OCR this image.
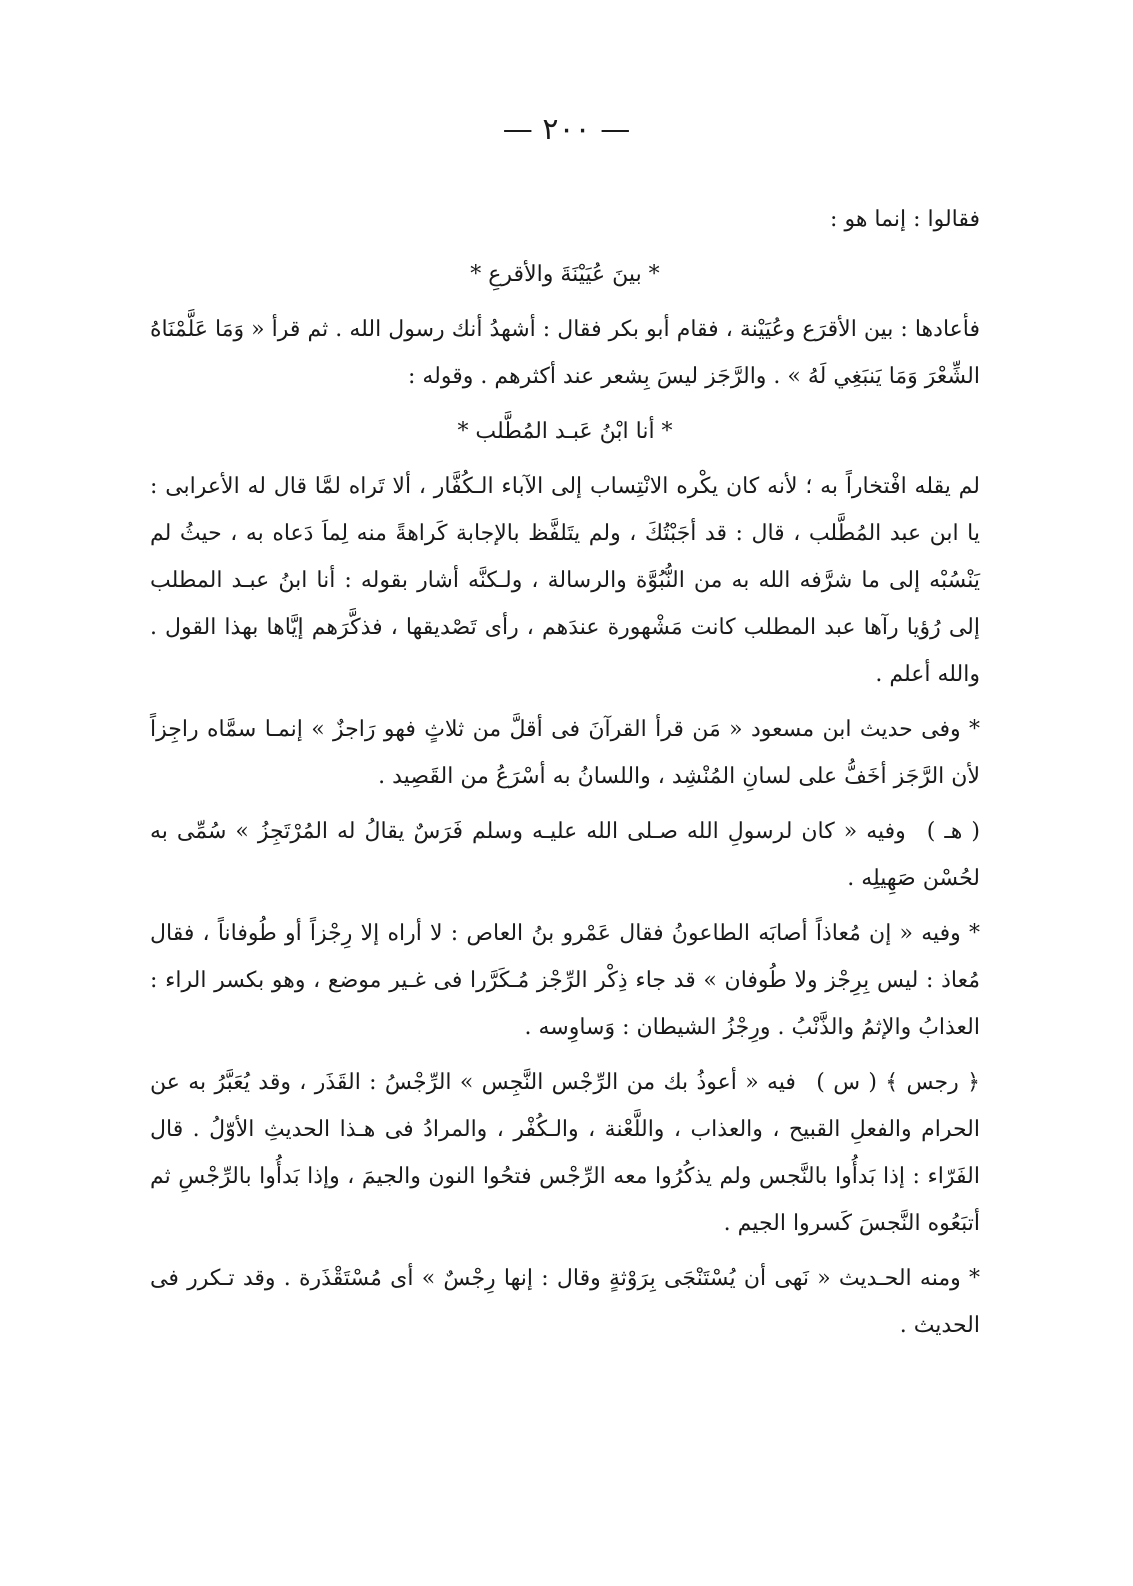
— ٢٠٠ —

فقالوا : إنما هو :

* بينَ عُيَيْنَةَ والأقرعِ *

فأعادها : بين الأقرَع وعُيَيْنة ، فقام أبو بكر فقال : أشهدُ أنك رسول الله . ثم قرأ « وَمَا عَلَّمْنَاهُ الشِّعْرَ وَمَا يَنبَغِي لَهُ » . والرَّجَز ليسَ بِشعر عند أكثرهم . وقوله :

* أنا ابْنُ عَبـد المُطَّلب *

لم يقله افْتخاراً به ؛ لأنه كان يكْره الانْتِساب إلى الآباء الـكُفَّار ، ألا تَراه لمَّا قال له الأعرابى : يا ابن عبد المُطَّلب ، قال : قد أجَبْتُكَ ، ولم يتَلفَّظ بالإجابة كَراهةً منه لِماَ دَعاه به ، حيثُ لم يَنْسُبْه إلى ما شرَّفه الله به من النُّبُوَّة والرسالة ، ولـكنَّه أشار بقوله : أنا ابنُ عبـد المطلب إلى رُؤيا رآها عبد المطلب كانت مَشْهورة عندَهم ، رأى تَصْديقها ، فذكَّرَهم إيَّاها بهذا القول . والله أعلم .

* وفى حديث ابن مسعود « مَن قرأ القرآنَ فى أقلَّ من ثلاثٍ فهو رَاجزٌ » إنمـا سمَّاه راجِزاً لأن الرَّجَز أخَفُّ على لسانِ المُنْشِد ، واللسانُ به أسْرَعُ من القَصِيد .

( هـ ) وفيه « كان لرسولِ الله صـلى الله عليـه وسلم فَرَسٌ يقالُ له المُرْتَجِزُ » سُمِّى به لحُسْن صَهِيلِه .

* وفيه « إن مُعاذاً أصابَه الطاعونُ فقال عَمْرو بنُ العاص : لا أراه إلا رِجْزاً أو طُوفاناً ، فقال مُعاذ : ليس بِرِجْز ولا طُوفان » قد جاء ذِكْر الرِّجْز مُـكَرَّرا فى غـير موضع ، وهو بكسر الراء : العذابُ والإثمُ والذَّنْبُ . ورِجْزُ الشيطان : وَساوِسه .

﴿ رجس ﴾ ( س ) فيه « أعوذُ بك من الرِّجْس النَّجِس » الرِّجْسُ : القَذَر ، وقد يُعَبَّرُ به عن الحرام والفعلِ القبيح ، والعذاب ، واللَّعْنة ، والـكُفْر ، والمرادُ فى هـذا الحديثِ الأوّلُ . قال الفَرّاء : إذا بَدأُوا بالنَّجس ولم يذكُرُوا معه الرِّجْس فتحُوا النون والجيمَ ، وإذا بَدأُوا بالرِّجْسِ ثم أتبَعُوه النَّجسَ كَسروا الجيم .

* ومنه الحـديث « نَهى أن يُسْتَنْجَى بِرَوْثةٍ وقال : إنها رِجْسٌ » أى مُسْتَقْذَرة . وقد تـكرر فى الحديث .
